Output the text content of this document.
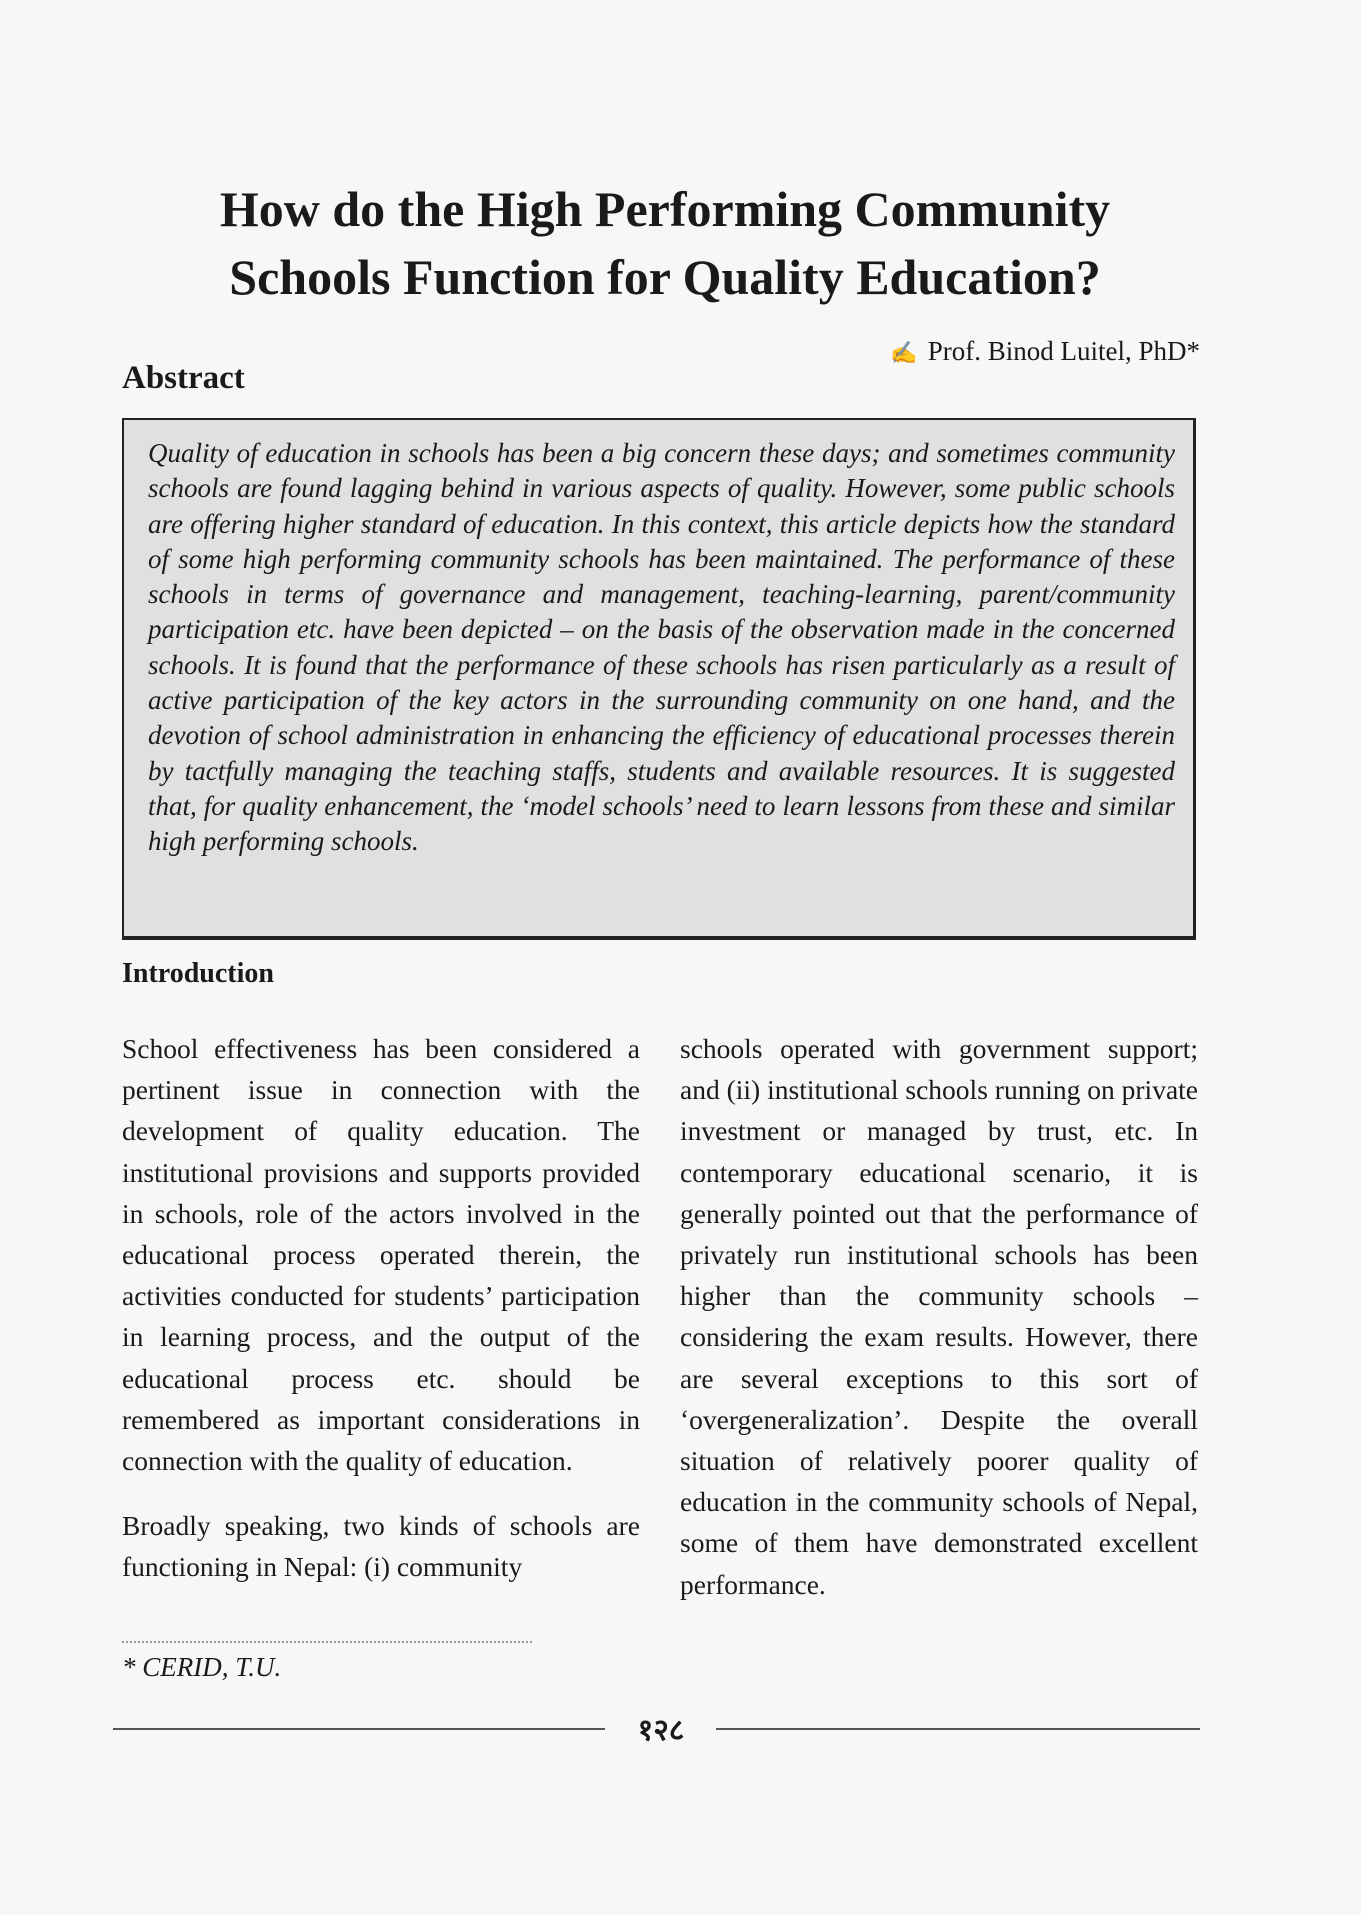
How do the High Performing Community
Schools Function for Quality Education?
✍ Prof. Binod Luitel, PhD*
Abstract

Quality of education in schools has been a big concern these days; and sometimes community schools are found lagging behind in various aspects of quality. However, some public schools are offering higher standard of education. In this context, this article depicts how the standard of some high performing community schools has been maintained. The performance of these schools in terms of governance and management, teaching-learning, parent/community participation etc. have been depicted – on the basis of the observation made in the concerned schools. It is found that the performance of these schools has risen particularly as a result of active participation of the key actors in the surrounding community on one hand, and the devotion of school administration in enhancing the efficiency of educational processes therein by tactfully managing the teaching staffs, students and available resources. It is suggested that, for quality enhancement, the ‘model schools’ need to learn lessons from these and similar high performing schools.

Introduction

School effectiveness has been considered a pertinent issue in connection with the development of quality education. The institutional provisions and supports provided in schools, role of the actors involved in the educational process operated therein, the activities conducted for students’ participation in learning process, and the output of the educational process etc. should be remembered as important considerations in connection with the quality of education.

Broadly speaking, two kinds of schools are functioning in Nepal: (i) community

schools operated with government support; and (ii) institutional schools running on private investment or managed by trust, etc. In contemporary educational scenario, it is generally pointed out that the performance of privately run institutional schools has been higher than the community schools – considering the exam results. However, there are several exceptions to this sort of ‘overgeneralization’. Despite the overall situation of relatively poorer quality of education in the community schools of Nepal, some of them have demonstrated excellent performance.

* CERID, T.U.
१२८
